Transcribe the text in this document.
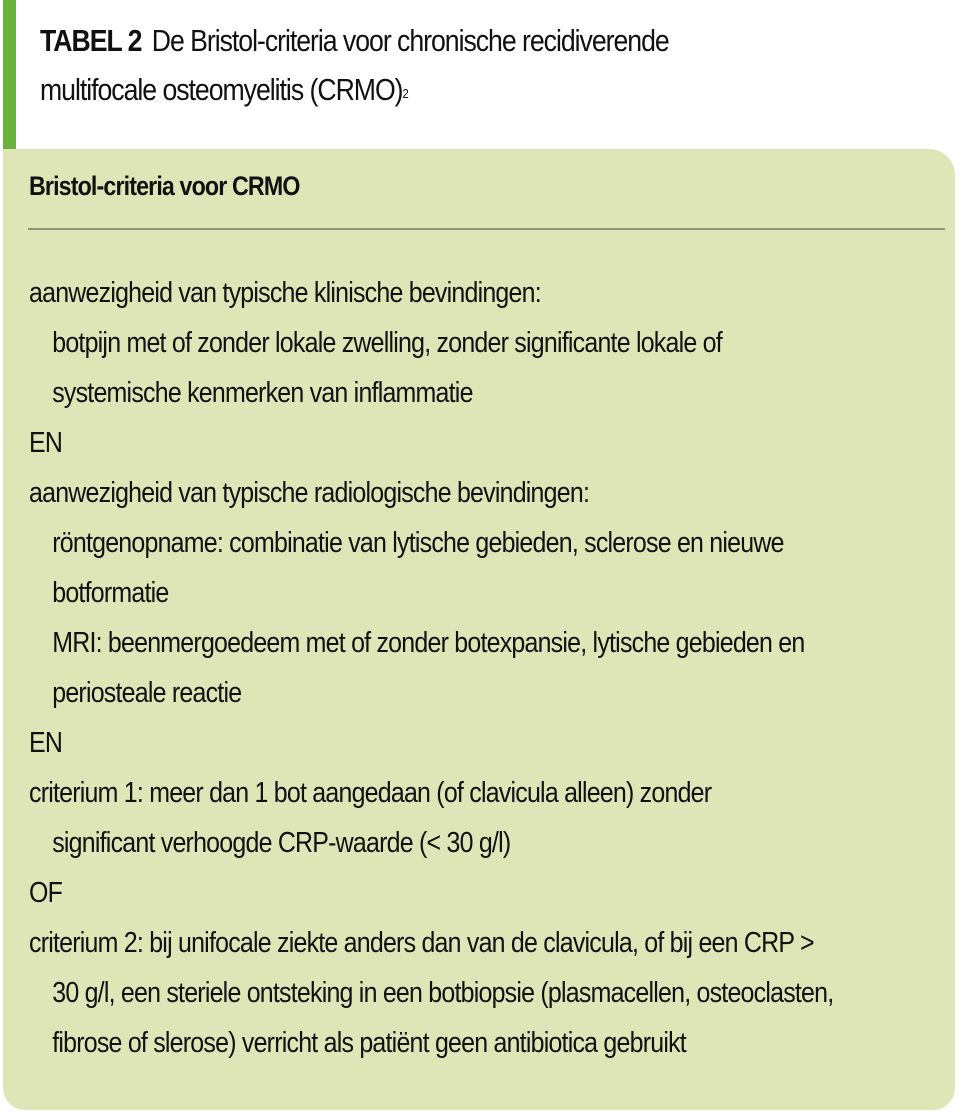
TABEL 2 De Bristol-criteria voor chronische recidiverende
multifocale osteomyelitis (CRMO)$^2$
Bristol-criteria voor CRMO
aanwezigheid van typische klinische bevindingen:
botpijn met of zonder lokale zwelling, zonder significante lokale of
systemische kenmerken van inflammatie
EN
aanwezigheid van typische radiologische bevindingen:
röntgenopname: combinatie van lytische gebieden, sclerose en nieuwe
botformatie
MRI: beenmergoedeem met of zonder botexpansie, lytische gebieden en
periosteale reactie
EN
criterium 1: meer dan 1 bot aangedaan (of clavicula alleen) zonder
significant verhoogde CRP-waarde (< 30 g/l)
OF
criterium 2: bij unifocale ziekte anders dan van de clavicula, of bij een CRP >
30 g/l, een steriele ontsteking in een botbiopsie (plasmacellen, osteoclasten,
fibrose of slerose) verricht als patiënt geen antibiotica gebruikt
